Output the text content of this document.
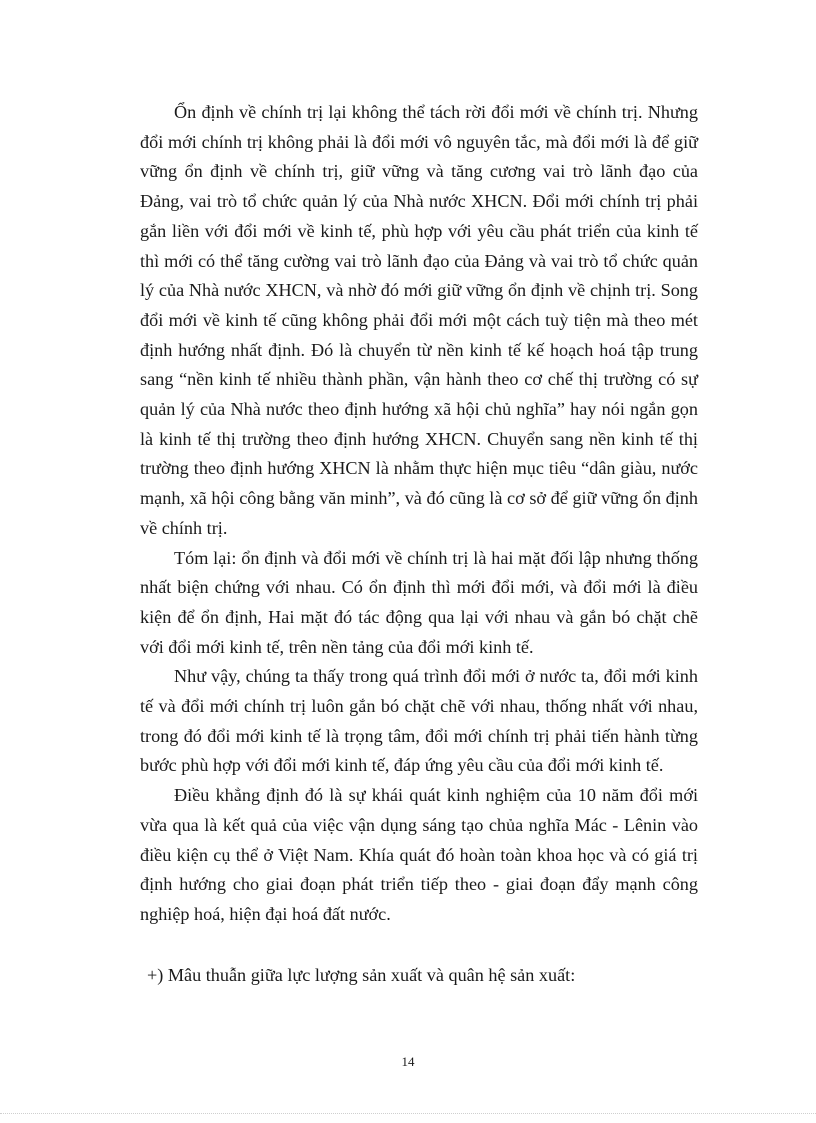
Ổn định về chính trị lại không thể tách rời đổi mới về chính trị. Nhưng đổi mới chính trị không phải là đổi mới vô nguyên tắc, mà đổi mới là để giữ vững ổn định về chính trị, giữ vững và tăng cương vai trò lãnh đạo của Đảng, vai trò tổ chức quản lý của Nhà nước XHCN. Đổi mới chính trị phải gắn liền với đổi mới về kinh tế, phù hợp với yêu cầu phát triển của kinh tế thì mới có thể tăng cường vai trò lãnh đạo của Đảng và vai trò tổ chức quản lý của Nhà nước XHCN, và nhờ đó mới giữ vững ổn định về chịnh trị. Song đổi mới về kinh tế cũng không phải đổi mới một cách tuỳ tiện mà theo mét định hướng nhất định. Đó là chuyển từ nền kinh tế kế hoạch hoá tập trung sang “nền kinh tế nhiều thành phần, vận hành theo cơ chế thị trường có sự quản lý của Nhà nước theo định hướng xã hội chủ nghĩa” hay nói ngắn gọn là kinh tế thị trường theo định hướng XHCN. Chuyển sang nền kinh tế thị trường theo định hướng XHCN là nhằm thực hiện mục tiêu “dân giàu, nước mạnh, xã hội công bằng văn minh”, và đó cũng là cơ sở để giữ vững ổn định về chính trị.

Tóm lại: ổn định và đổi mới về chính trị là hai mặt đối lập nhưng thống nhất biện chứng với nhau. Có ổn định thì mới đổi mới, và đổi mới là điều kiện để ổn định, Hai mặt đó tác động qua lại với nhau và gắn bó chặt chẽ với đổi mới kinh tế, trên nền tảng của đổi mới kinh tế.

Như vậy, chúng ta thấy trong quá trình đổi mới ở nước ta, đổi mới kinh tế và đổi mới chính trị luôn gắn bó chặt chẽ với nhau, thống nhất với nhau, trong đó đổi mới kinh tế là trọng tâm, đổi mới chính trị phải tiến hành từng bước phù hợp với đổi mới kinh tế, đáp ứng yêu cầu của đổi mới kinh tế.

Điều khẳng định đó là sự khái quát kinh nghiệm của 10 năm đổi mới vừa qua là kết quả của việc vận dụng sáng tạo chủa nghĩa Mác - Lênin vào điều kiện cụ thể ở Việt Nam. Khía quát đó hoàn toàn khoa học và có giá trị định hướng cho giai đoạn phát triển tiếp theo - giai đoạn đẩy mạnh công nghiệp hoá, hiện đại hoá đất nước.

+) Mâu thuẫn giữa lực lượng sản xuất và quân hệ sản xuất:

14
